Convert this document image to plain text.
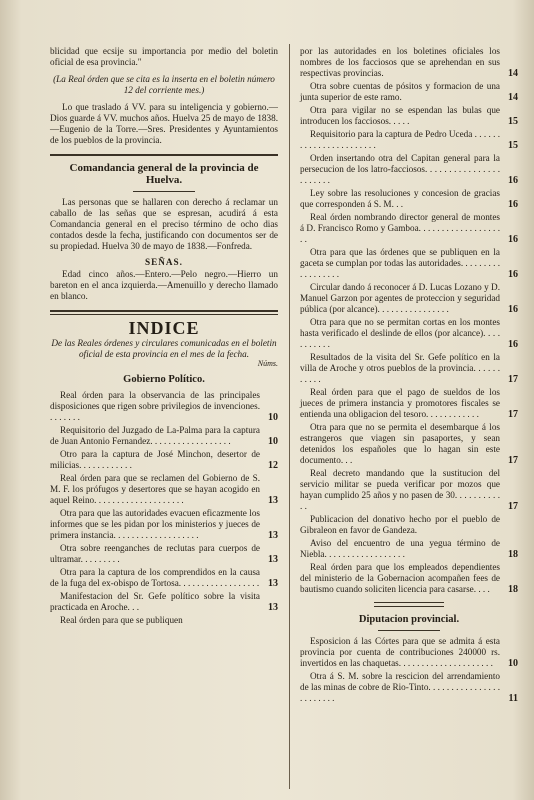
blicidad que ecsije su importancia por medio del boletin oficial de esa provincia."

(La Real órden que se cita es la inserta en el boletin número 12 del corriente mes.)

Lo que traslado á VV. para su inteligencia y gobierno.—Dios guarde á VV. muchos años. Huelva 25 de mayo de 1838.—Eugenio de la Torre.—Sres. Presidentes y Ayuntamientos de los pueblos de la provincia.

Comandancia general de la provincia de Huelva.

Las personas que se hallaren con derecho á reclamar un caballo de las señas que se espresan, acudirá á esta Comandancia general en el preciso término de ocho dias contados desde la fecha, justificando con documentos ser de su propiedad. Huelva 30 de mayo de 1838.—Fonfreda.

SEÑAS.

Edad cinco años.—Entero.—Pelo negro.—Hierro un bareton en el anca izquierda.—Amenuillo y derecho llamado en blanco.

INDICE

De las Reales órdenes y circulares comunicadas en el boletin oficial de esta provincia en el mes de la fecha.

Núms.
Gobierno Político.
Real órden para la observancia de las principales disposiciones que rigen sobre privilegios de invenciones. . . . . . . .	10
Requisitorio del Juzgado de La-Palma para la captura de Juan Antonio Fernandez. . . . . . . . . . . . . . . . . .	10
Otro para la captura de José Minchon, desertor de milicias. . . . . . . . . . . .	12
Real órden para que se reclamen del Gobierno de S. M. F. los prófugos y desertores que se hayan acogido en aquel Reino. . . . . . . . . . . . . . . . . . . .	13
Otra para que las autoridades evacuen eficazmente los informes que se les pidan por los ministerios y jueces de primera instancia. . . . . . . . . . . . . . . . . . .	13
Otra sobre reenganches de reclutas para cuerpos de ultramar. . . . . . . . .	13
Otra para la captura de los comprendidos en la causa de la fuga del ex-obispo de Tortosa. . . . . . . . . . . . . . . . . . 13
Manifestacion del Sr. Gefe político sobre la visita practicada en Aroche. . .	13
Real órden para que se publiquen
por las autoridades en los boletines oficiales los nombres de los facciosos que se aprehendan en sus respectivas provincias.	14
Otra sobre cuentas de pósitos y formacion de una junta superior de este ramo.	14
Otra para vigilar no se espendan las bulas que introducen los facciosos. . . . .	15
Requisitorio para la captura de Pedro Uceda . . . . . . . . . . . . . . . . . . . . . . .	15
Orden insertando otra del Capitan general para la persecucion de los latro-facciosos. . . . . . . . . . . . . . . . . . . . . . .	16
Ley sobre las resoluciones y concesion de gracias que corresponden á S. M. . .	16
Real órden nombrando director general de montes á D. Francisco Romo y Gamboa. . . . . . . . . . . . . . . . . . . .	16
Otra para que las órdenes que se publiquen en la gaceta se cumplan por todas las autoridades. . . . . . . . . . . . . . . . . .	16
Circular dando á reconocer á D. Lucas Lozano y D. Manuel Garzon por agentes de proteccion y seguridad pública (por alcance). . . . . . . . . . . . . . . .	16
Otra para que no se permitan cortas en los montes hasta verificado el deslinde de ellos (por alcance). . . . . . . . . . .	16
Resultados de la visita del Sr. Gefe político en la villa de Aroche y otros pueblos de la provincia. . . . . . . . . . .	17
Real órden para que el pago de sueldos de los jueces de primera instancia y promotores fiscales se entienda una obligacion del tesoro. . . . . . . . . . . .	17
Otra para que no se permita el desembarque á los estrangeros que viagen sin pasaportes, y sean detenidos los españoles que lo hagan sin este documento. . .	17
Real decreto mandando que la sustitucion del servicio militar se pueda verificar por mozos que hayan cumplido 25 años y no pasen de 30. . . . . . . . . . . .	17
Publicacion del donativo hecho por el pueblo de Gibraleon en favor de Gandeza.
Aviso del encuentro de una yegua término de Niebla. . . . . . . . . . . . . . . . . .	18
Real órden para que los empleados dependientes del ministerio de la Gobernacion acompañen fees de bautismo cuando soliciten licencia para casarse. . . .	18
Diputacion provincial.
Esposicion á las Córtes para que se admita á esta provincia por cuenta de contribuciones 240000 rs. invertidos en las chaquetas. . . . . . . . . . . . . . . . . . . . .	10
Otra á S. M. sobre la rescicion del arrendamiento de las minas de cobre de Rio-Tinto. . . . . . . . . . . . . . . . . . . . . . . .	11
